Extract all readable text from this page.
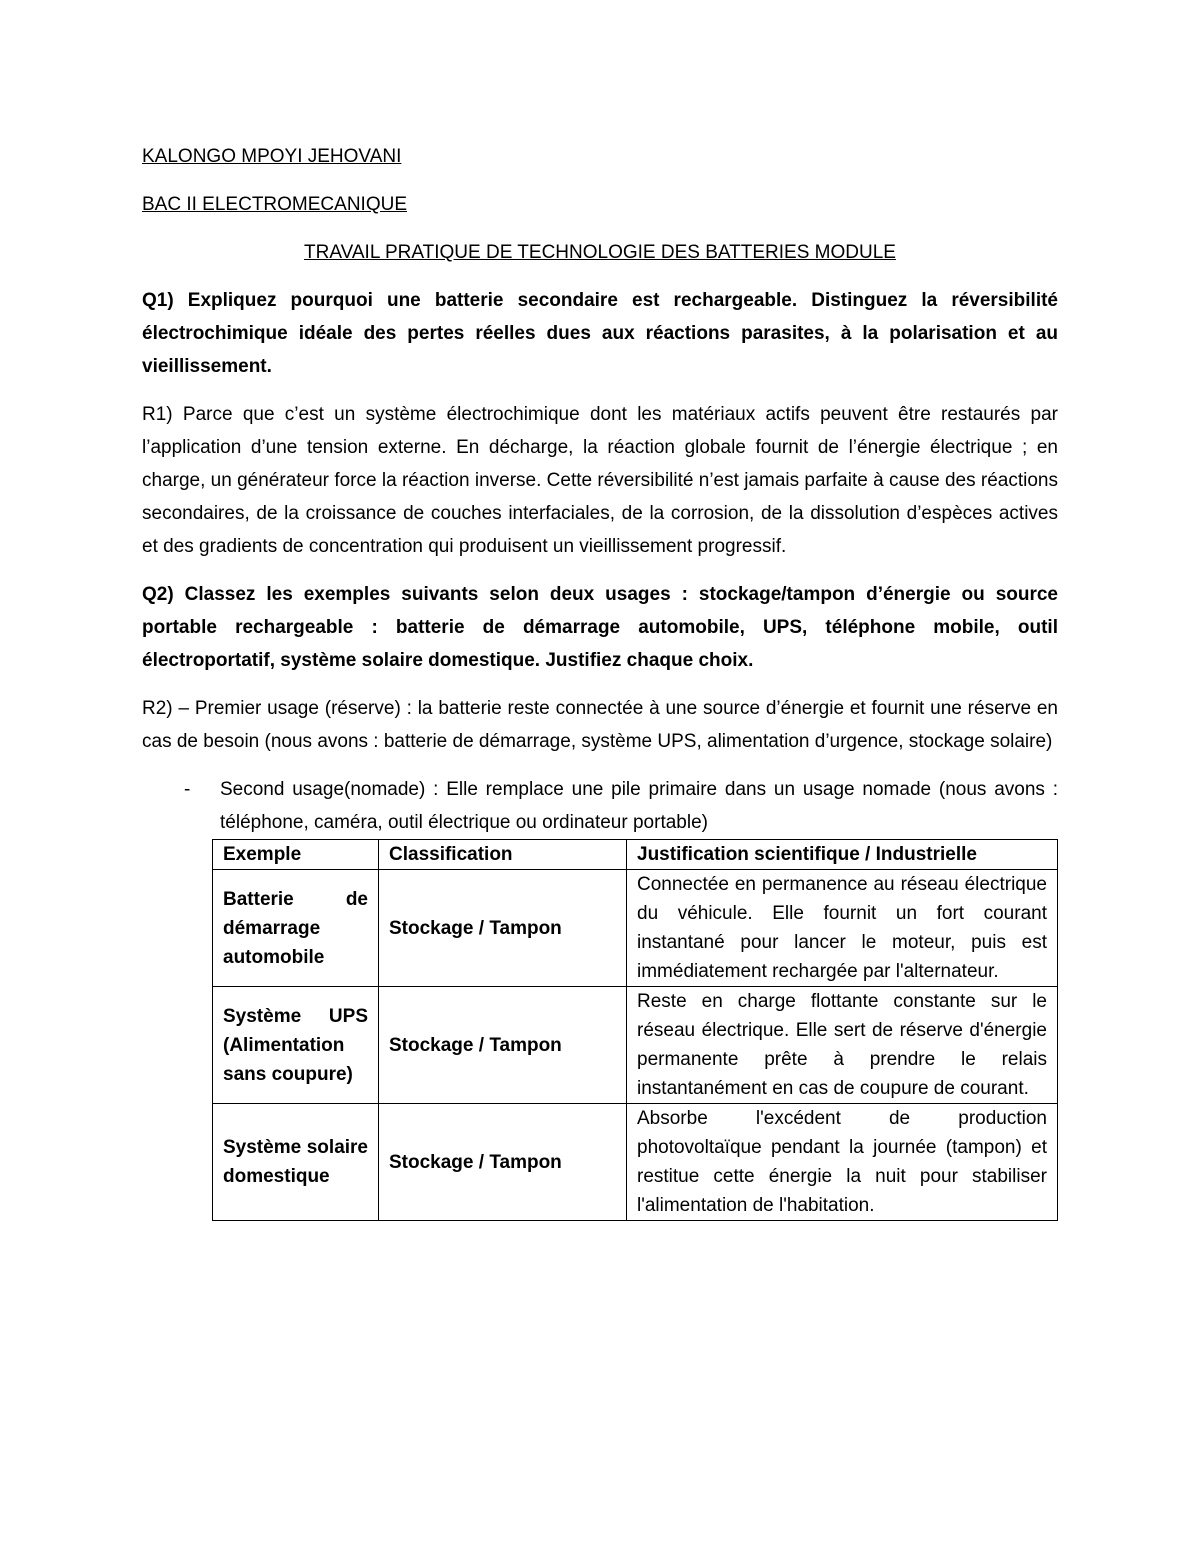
KALONGO MPOYI JEHOVANI
BAC II ELECTROMECANIQUE
TRAVAIL PRATIQUE DE TECHNOLOGIE DES BATTERIES MODULE

Q1) Expliquez pourquoi une batterie secondaire est rechargeable. Distinguez la réversibilité électrochimique idéale des pertes réelles dues aux réactions parasites, à la polarisation et au vieillissement.

R1) Parce que c’est un système électrochimique dont les matériaux actifs peuvent être restaurés par l’application d’une tension externe. En décharge, la réaction globale fournit de l’énergie électrique ; en charge, un générateur force la réaction inverse. Cette réversibilité n’est jamais parfaite à cause des réactions secondaires, de la croissance de couches interfaciales, de la corrosion, de la dissolution d’espèces actives et des gradients de concentration qui produisent un vieillissement progressif.

Q2) Classez les exemples suivants selon deux usages : stockage/tampon d’énergie ou source portable rechargeable : batterie de démarrage automobile, UPS, téléphone mobile, outil électroportatif, système solaire domestique. Justifiez chaque choix.

R2) – Premier usage (réserve) : la batterie reste connectée à une source d’énergie et fournit une réserve en cas de besoin (nous avons : batterie de démarrage, système UPS, alimentation d’urgence, stockage solaire)

- Second usage(nomade) : Elle remplace une pile primaire dans un usage nomade (nous avons : téléphone, caméra, outil électrique ou ordinateur portable)
Exemple	Classification	Justification scientifique / Industrielle
Batterie de démarrage automobile	Stockage / Tampon	Connectée en permanence au réseau électrique du véhicule. Elle fournit un fort courant instantané pour lancer le moteur, puis est immédiatement rechargée par l'alternateur.
Système UPS (Alimentation sans coupure)	Stockage / Tampon	Reste en charge flottante constante sur le réseau électrique. Elle sert de réserve d'énergie permanente prête à prendre le relais instantanément en cas de coupure de courant.
Système solaire domestique	Stockage / Tampon	Absorbe l'excédent de production photovoltaïque pendant la journée (tampon) et restitue cette énergie la nuit pour stabiliser l'alimentation de l'habitation.
